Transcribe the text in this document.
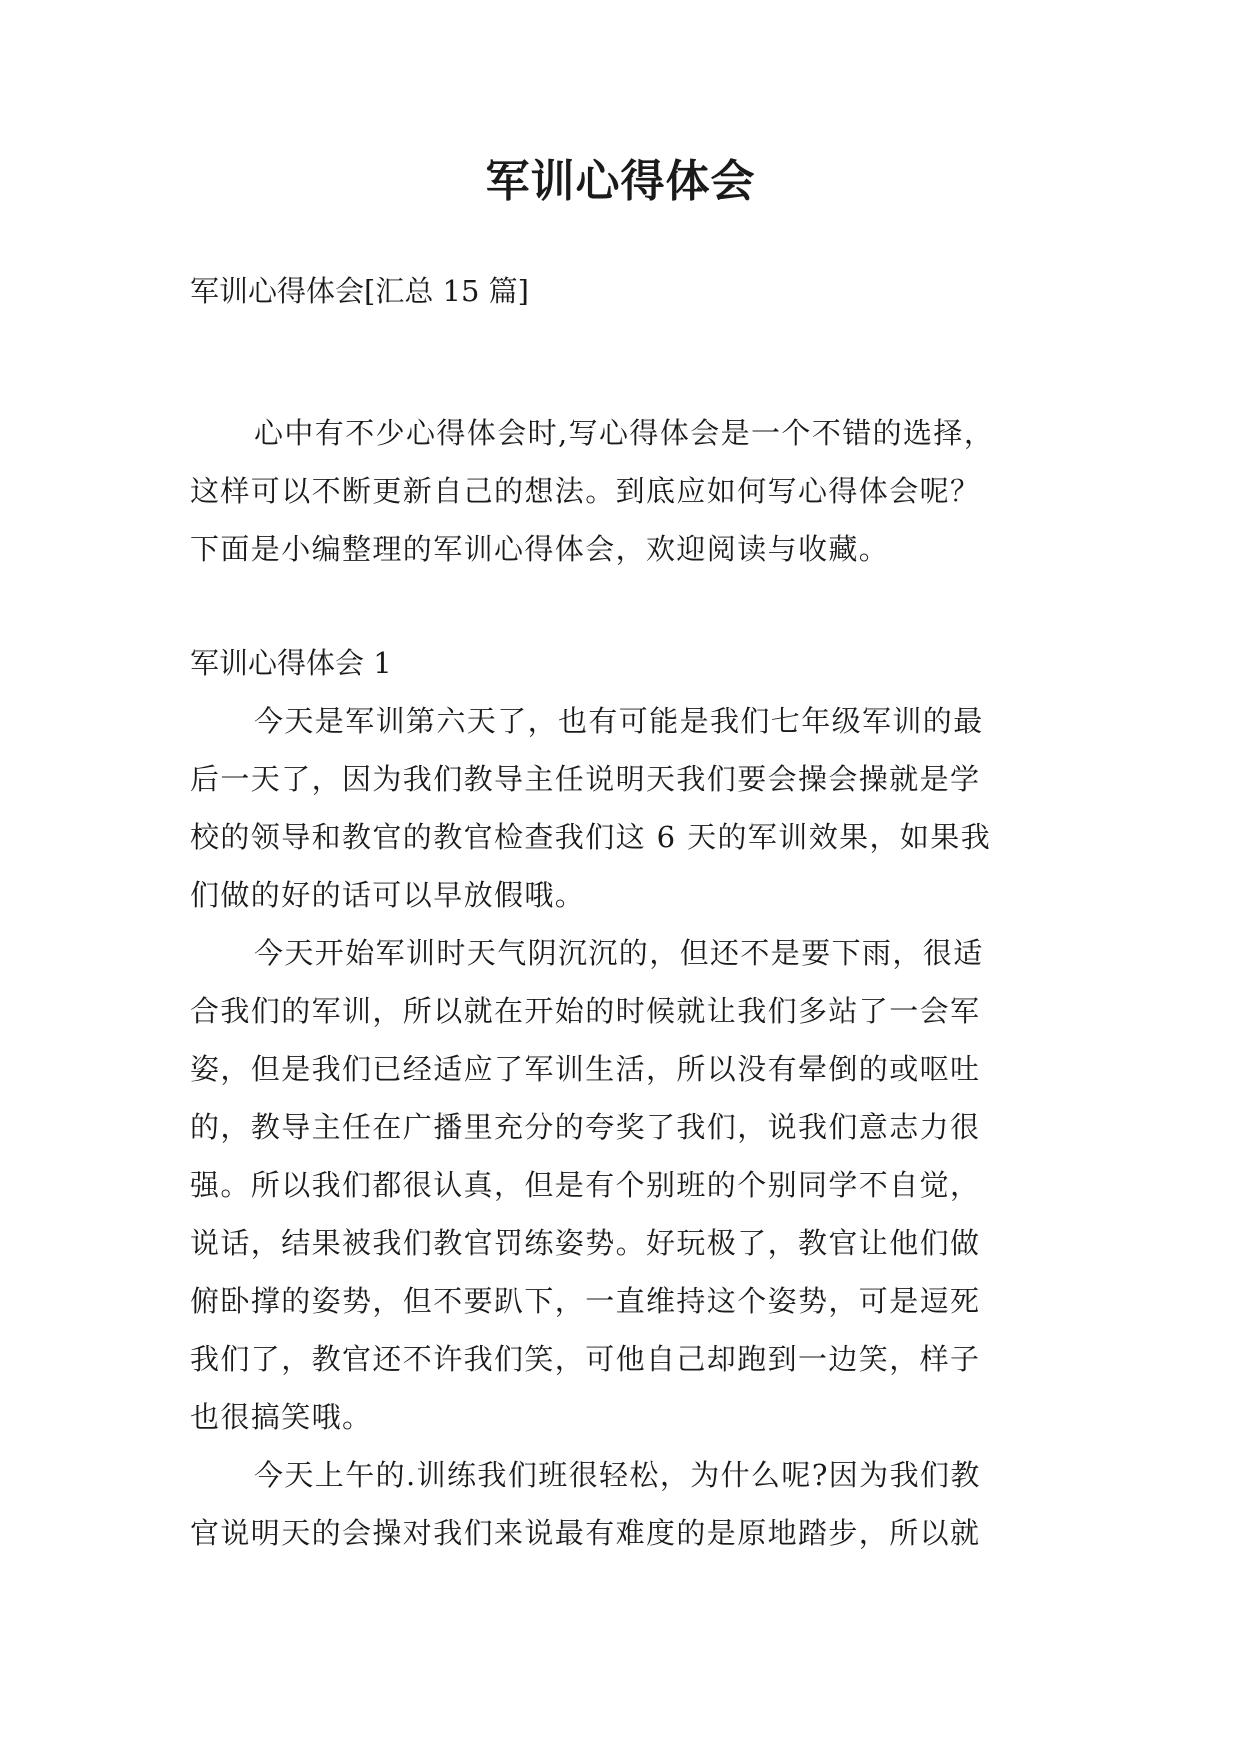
军训心得体会

军训心得体会[汇总 15 篇]

心中有不少心得体会时,写心得体会是一个不错的选择，
这样可以不断更新自己的想法。到底应如何写心得体会呢？
下面是小编整理的军训心得体会，欢迎阅读与收藏。

军训心得体会 1

今天是军训第六天了，也有可能是我们七年级军训的最
后一天了，因为我们教导主任说明天我们要会操会操就是学
校的领导和教官的教官检查我们这 6 天的军训效果，如果我
们做的好的话可以早放假哦。
今天开始军训时天气阴沉沉的，但还不是要下雨，很适
合我们的军训，所以就在开始的时候就让我们多站了一会军
姿，但是我们已经适应了军训生活，所以没有晕倒的或呕吐
的，教导主任在广播里充分的夸奖了我们，说我们意志力很
强。所以我们都很认真，但是有个别班的个别同学不自觉，
说话，结果被我们教官罚练姿势。好玩极了，教官让他们做
俯卧撑的姿势，但不要趴下，一直维持这个姿势，可是逗死
我们了，教官还不许我们笑，可他自己却跑到一边笑，样子
也很搞笑哦。
今天上午的.训练我们班很轻松，为什么呢?因为我们教
官说明天的会操对我们来说最有难度的是原地踏步，所以就
